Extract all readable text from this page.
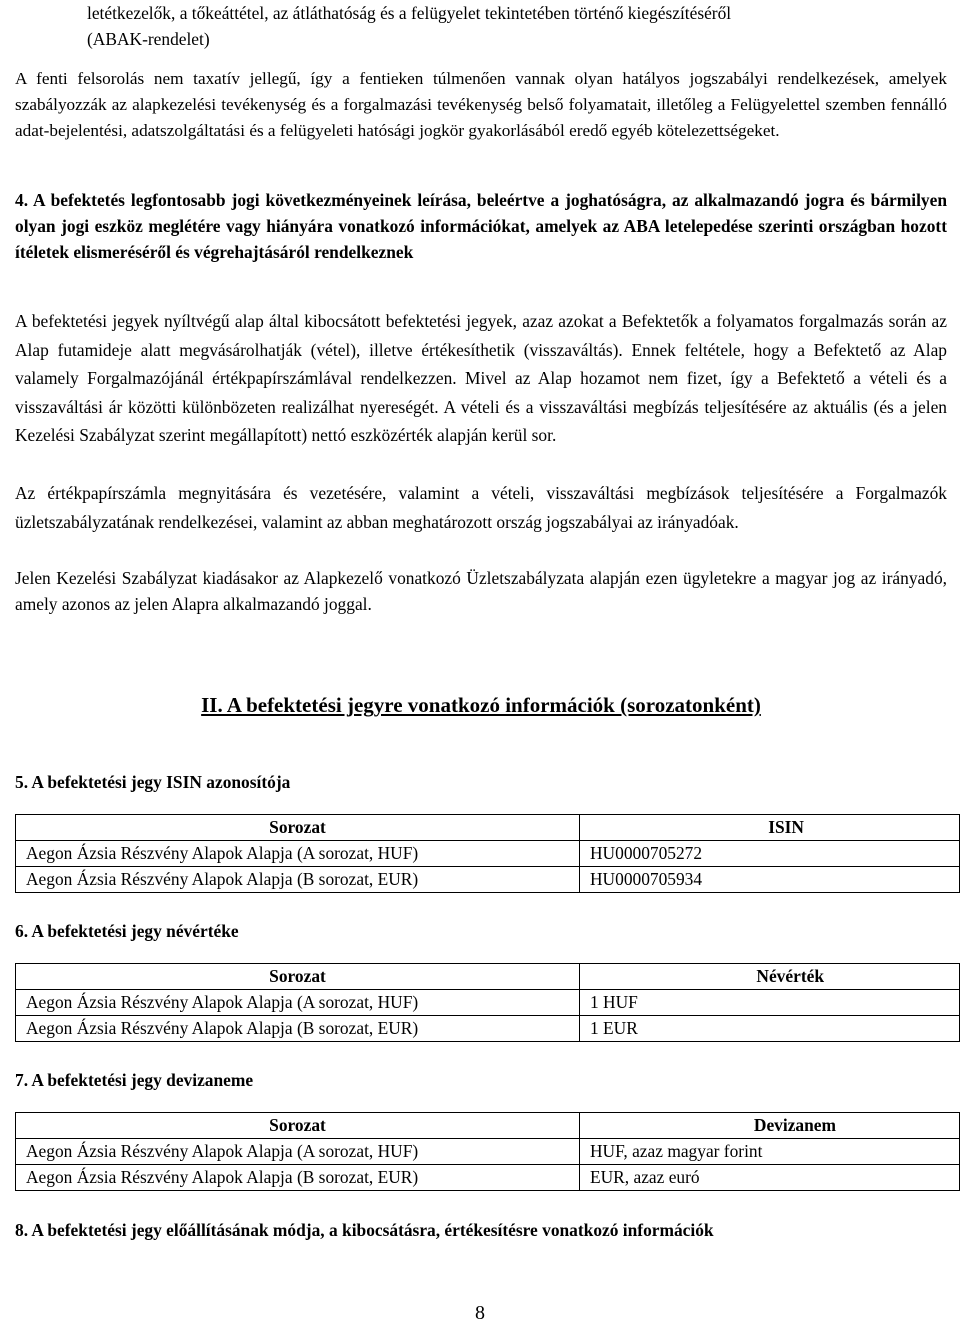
letétkezelők, a tőkeáttétel, az átláthatóság és a felügyelet tekintetében történő kiegészítéséről
(ABAK-rendelet)

A fenti felsorolás nem taxatív jellegű, így a fentieken túlmenően vannak olyan hatályos jogszabályi rendelkezések, amelyek szabályozzák az alapkezelési tevékenység és a forgalmazási tevékenység belső folyamatait, illetőleg a Felügyelettel szemben fennálló adat-bejelentési, adatszolgáltatási és a felügyeleti hatósági jogkör gyakorlásából eredő egyéb kötelezettségeket.

4. A befektetés legfontosabb jogi következményeinek leírása, beleértve a joghatóságra, az alkalmazandó jogra és bármilyen olyan jogi eszköz meglétére vagy hiányára vonatkozó információkat, amelyek az ABA letelepedése szerinti országban hozott ítéletek elismeréséről és végrehajtásáról rendelkeznek

A befektetési jegyek nyíltvégű alap által kibocsátott befektetési jegyek, azaz azokat a Befektetők a folyamatos forgalmazás során az Alap futamideje alatt megvásárolhatják (vétel), illetve értékesíthetik (visszaváltás). Ennek feltétele, hogy a Befektető az Alap valamely Forgalmazójánál értékpapírszámlával rendelkezzen. Mivel az Alap hozamot nem fizet, így a Befektető a vételi és a visszaváltási ár közötti különbözeten realizálhat nyereségét. A vételi és a visszaváltási megbízás teljesítésére az aktuális (és a jelen Kezelési Szabályzat szerint megállapított) nettó eszközérték alapján kerül sor.

Az értékpapírszámla megnyitására és vezetésére, valamint a vételi, visszaváltási megbízások teljesítésére a Forgalmazók üzletszabályzatának rendelkezései, valamint az abban meghatározott ország jogszabályai az irányadóak.

Jelen Kezelési Szabályzat kiadásakor az Alapkezelő vonatkozó Üzletszabályzata alapján ezen ügyletekre a magyar jog az irányadó, amely azonos az jelen Alapra alkalmazandó joggal.

II. A befektetési jegyre vonatkozó információk (sorozatonként)
5. A befektetési jegy ISIN azonosítója
Sorozat	ISIN
Aegon Ázsia Részvény Alapok Alapja (A sorozat, HUF)	HU0000705272
Aegon Ázsia Részvény Alapok Alapja (B sorozat, EUR)	HU0000705934
6. A befektetési jegy névértéke
Sorozat	Névérték
Aegon Ázsia Részvény Alapok Alapja (A sorozat, HUF)	1 HUF
Aegon Ázsia Részvény Alapok Alapja (B sorozat, EUR)	1 EUR
7. A befektetési jegy devizaneme
Sorozat	Devizanem
Aegon Ázsia Részvény Alapok Alapja (A sorozat, HUF)	HUF, azaz magyar forint
Aegon Ázsia Részvény Alapok Alapja (B sorozat, EUR)	EUR, azaz euró
8. A befektetési jegy előállításának módja, a kibocsátásra, értékesítésre vonatkozó információk
8
